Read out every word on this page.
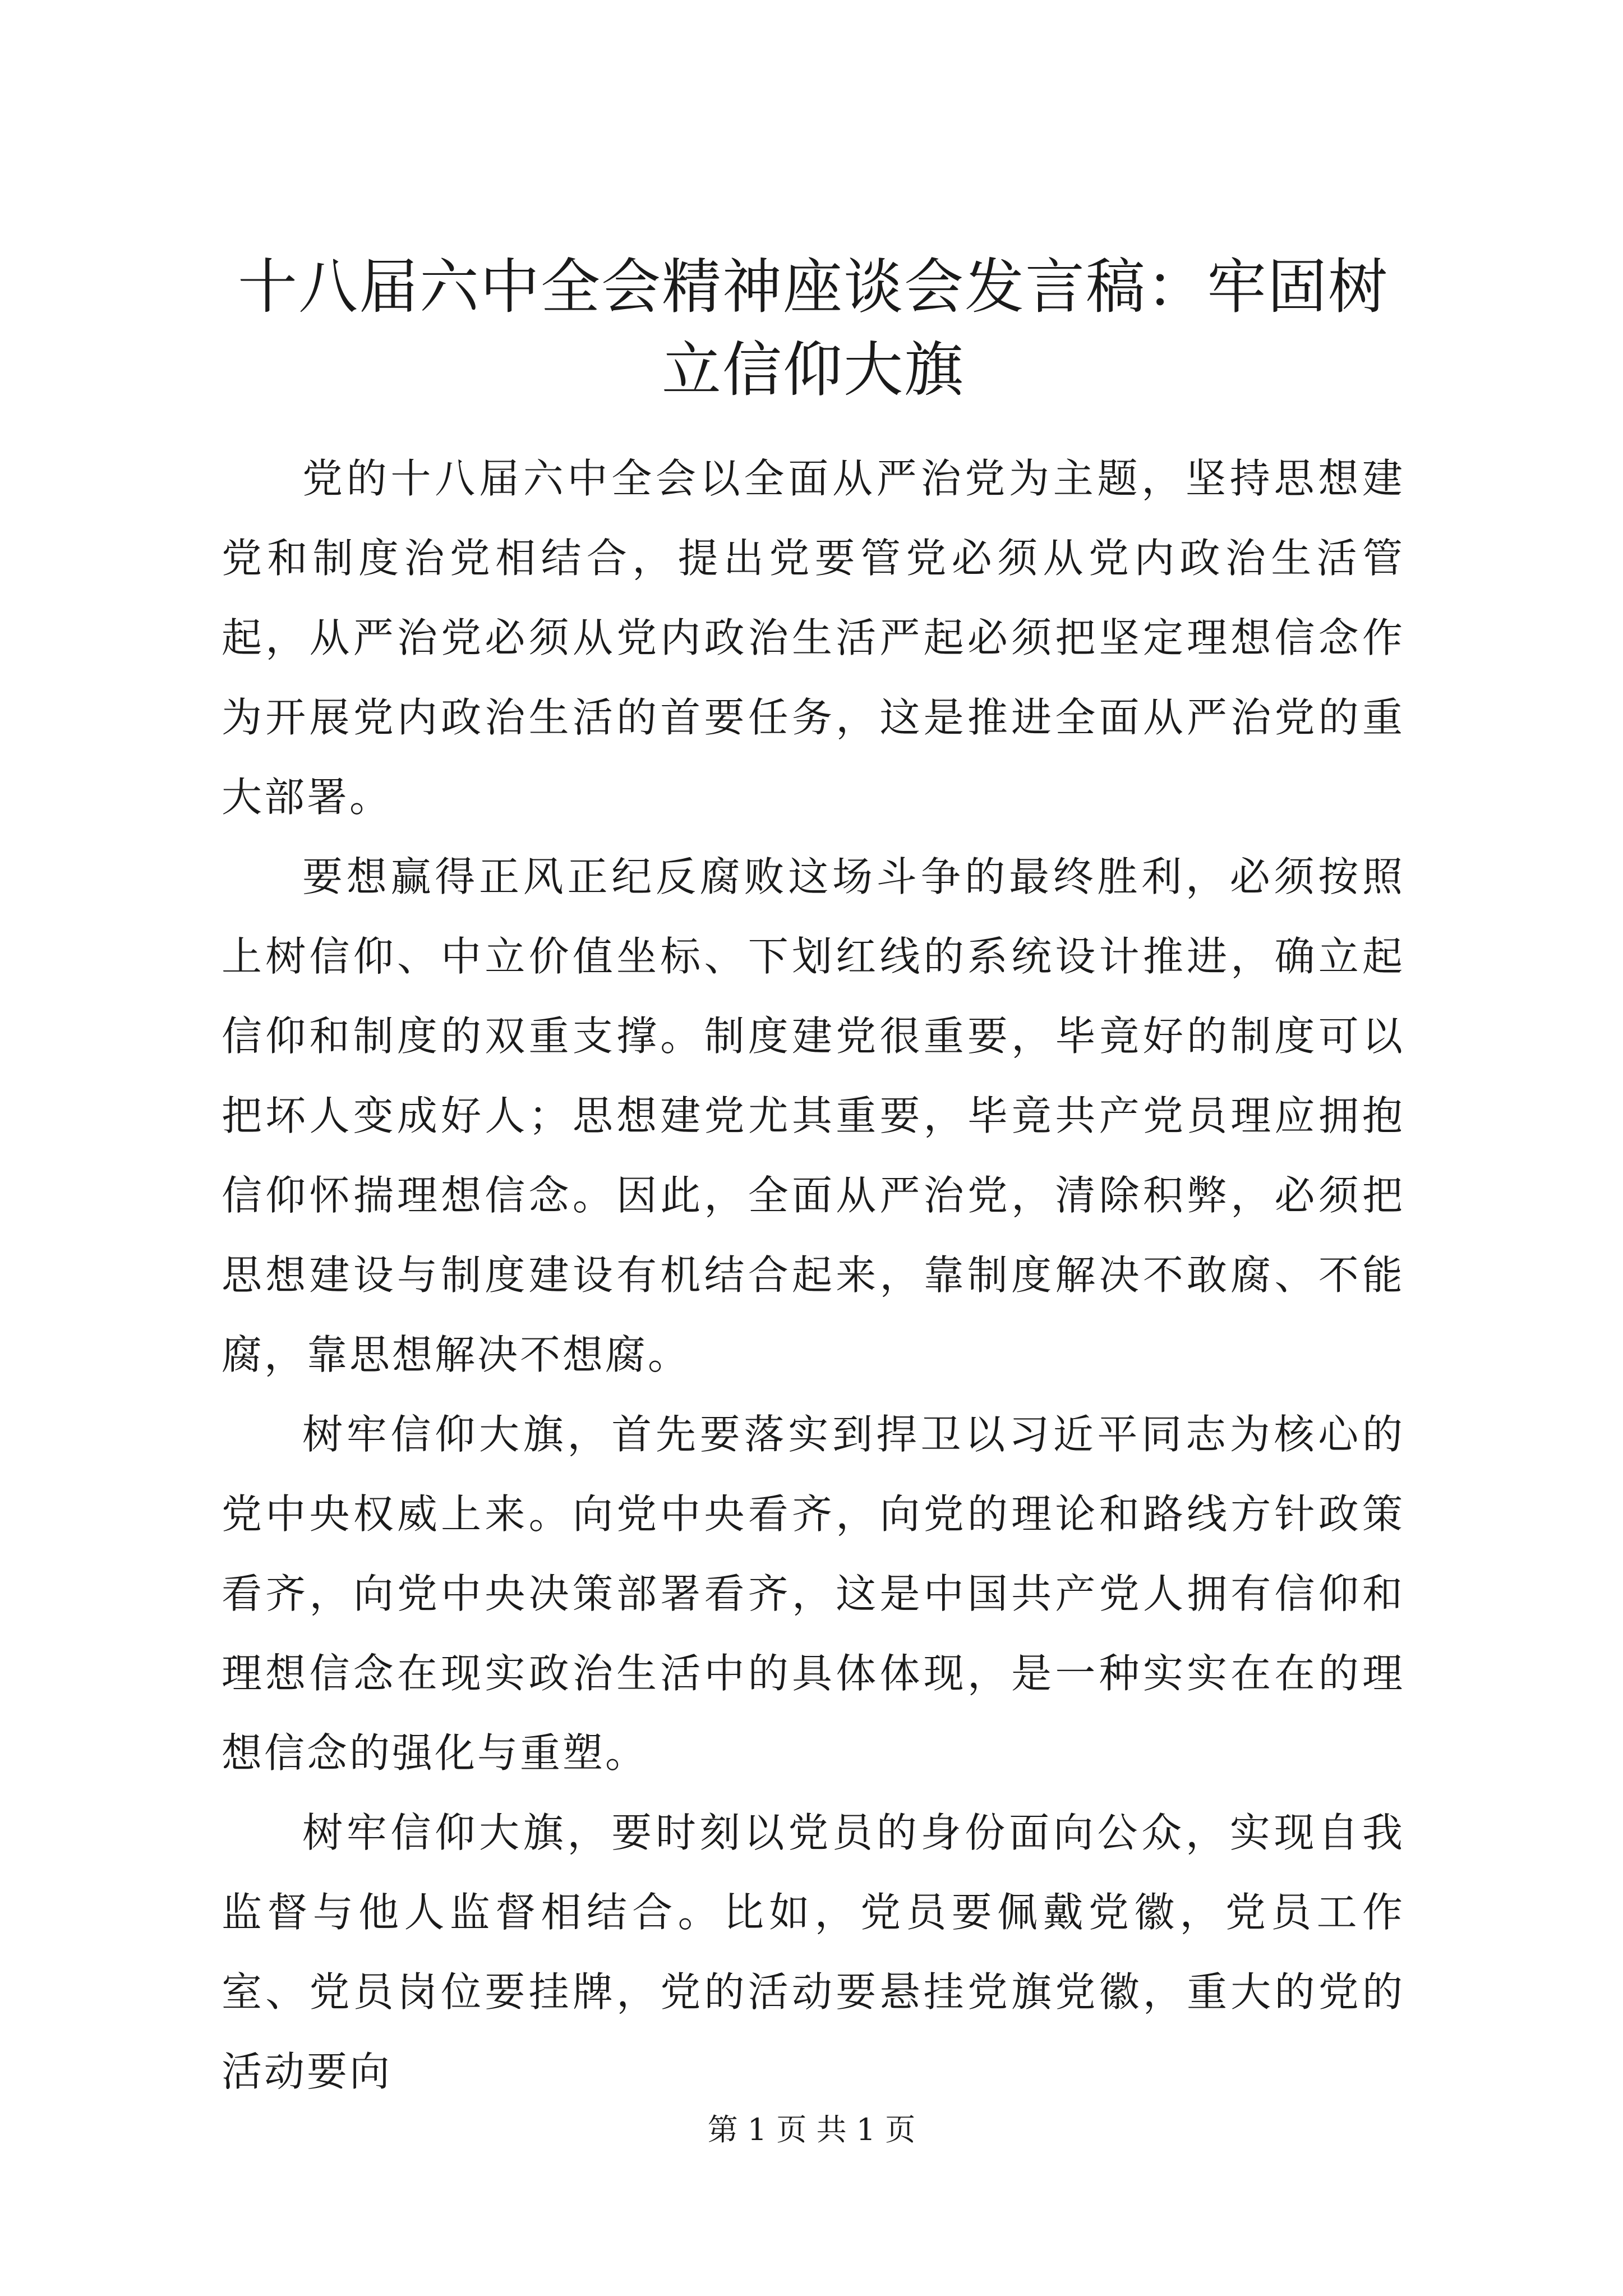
十八届六中全会精神座谈会发言稿：牢固树立信仰大旗

党的十八届六中全会以全面从严治党为主题，坚持思想建党和制度治党相结合，提出党要管党必须从党内政治生活管起，从严治党必须从党内政治生活严起必须把坚定理想信念作为开展党内政治生活的首要任务，这是推进全面从严治党的重大部署。

要想赢得正风正纪反腐败这场斗争的最终胜利，必须按照上树信仰、中立价值坐标、下划红线的系统设计推进，确立起信仰和制度的双重支撑。制度建党很重要，毕竟好的制度可以把坏人变成好人；思想建党尤其重要，毕竟共产党员理应拥抱信仰怀揣理想信念。因此，全面从严治党，清除积弊，必须把思想建设与制度建设有机结合起来，靠制度解决不敢腐、不能腐，靠思想解决不想腐。

树牢信仰大旗，首先要落实到捍卫以习近平同志为核心的党中央权威上来。向党中央看齐，向党的理论和路线方针政策看齐，向党中央决策部署看齐，这是中国共产党人拥有信仰和理想信念在现实政治生活中的具体体现，是一种实实在在的理想信念的强化与重塑。

树牢信仰大旗，要时刻以党员的身份面向公众，实现自我监督与他人监督相结合。比如，党员要佩戴党徽，党员工作室、党员岗位要挂牌，党的活动要悬挂党旗党徽，重大的党的活动要向

第 1 页 共 1 页
